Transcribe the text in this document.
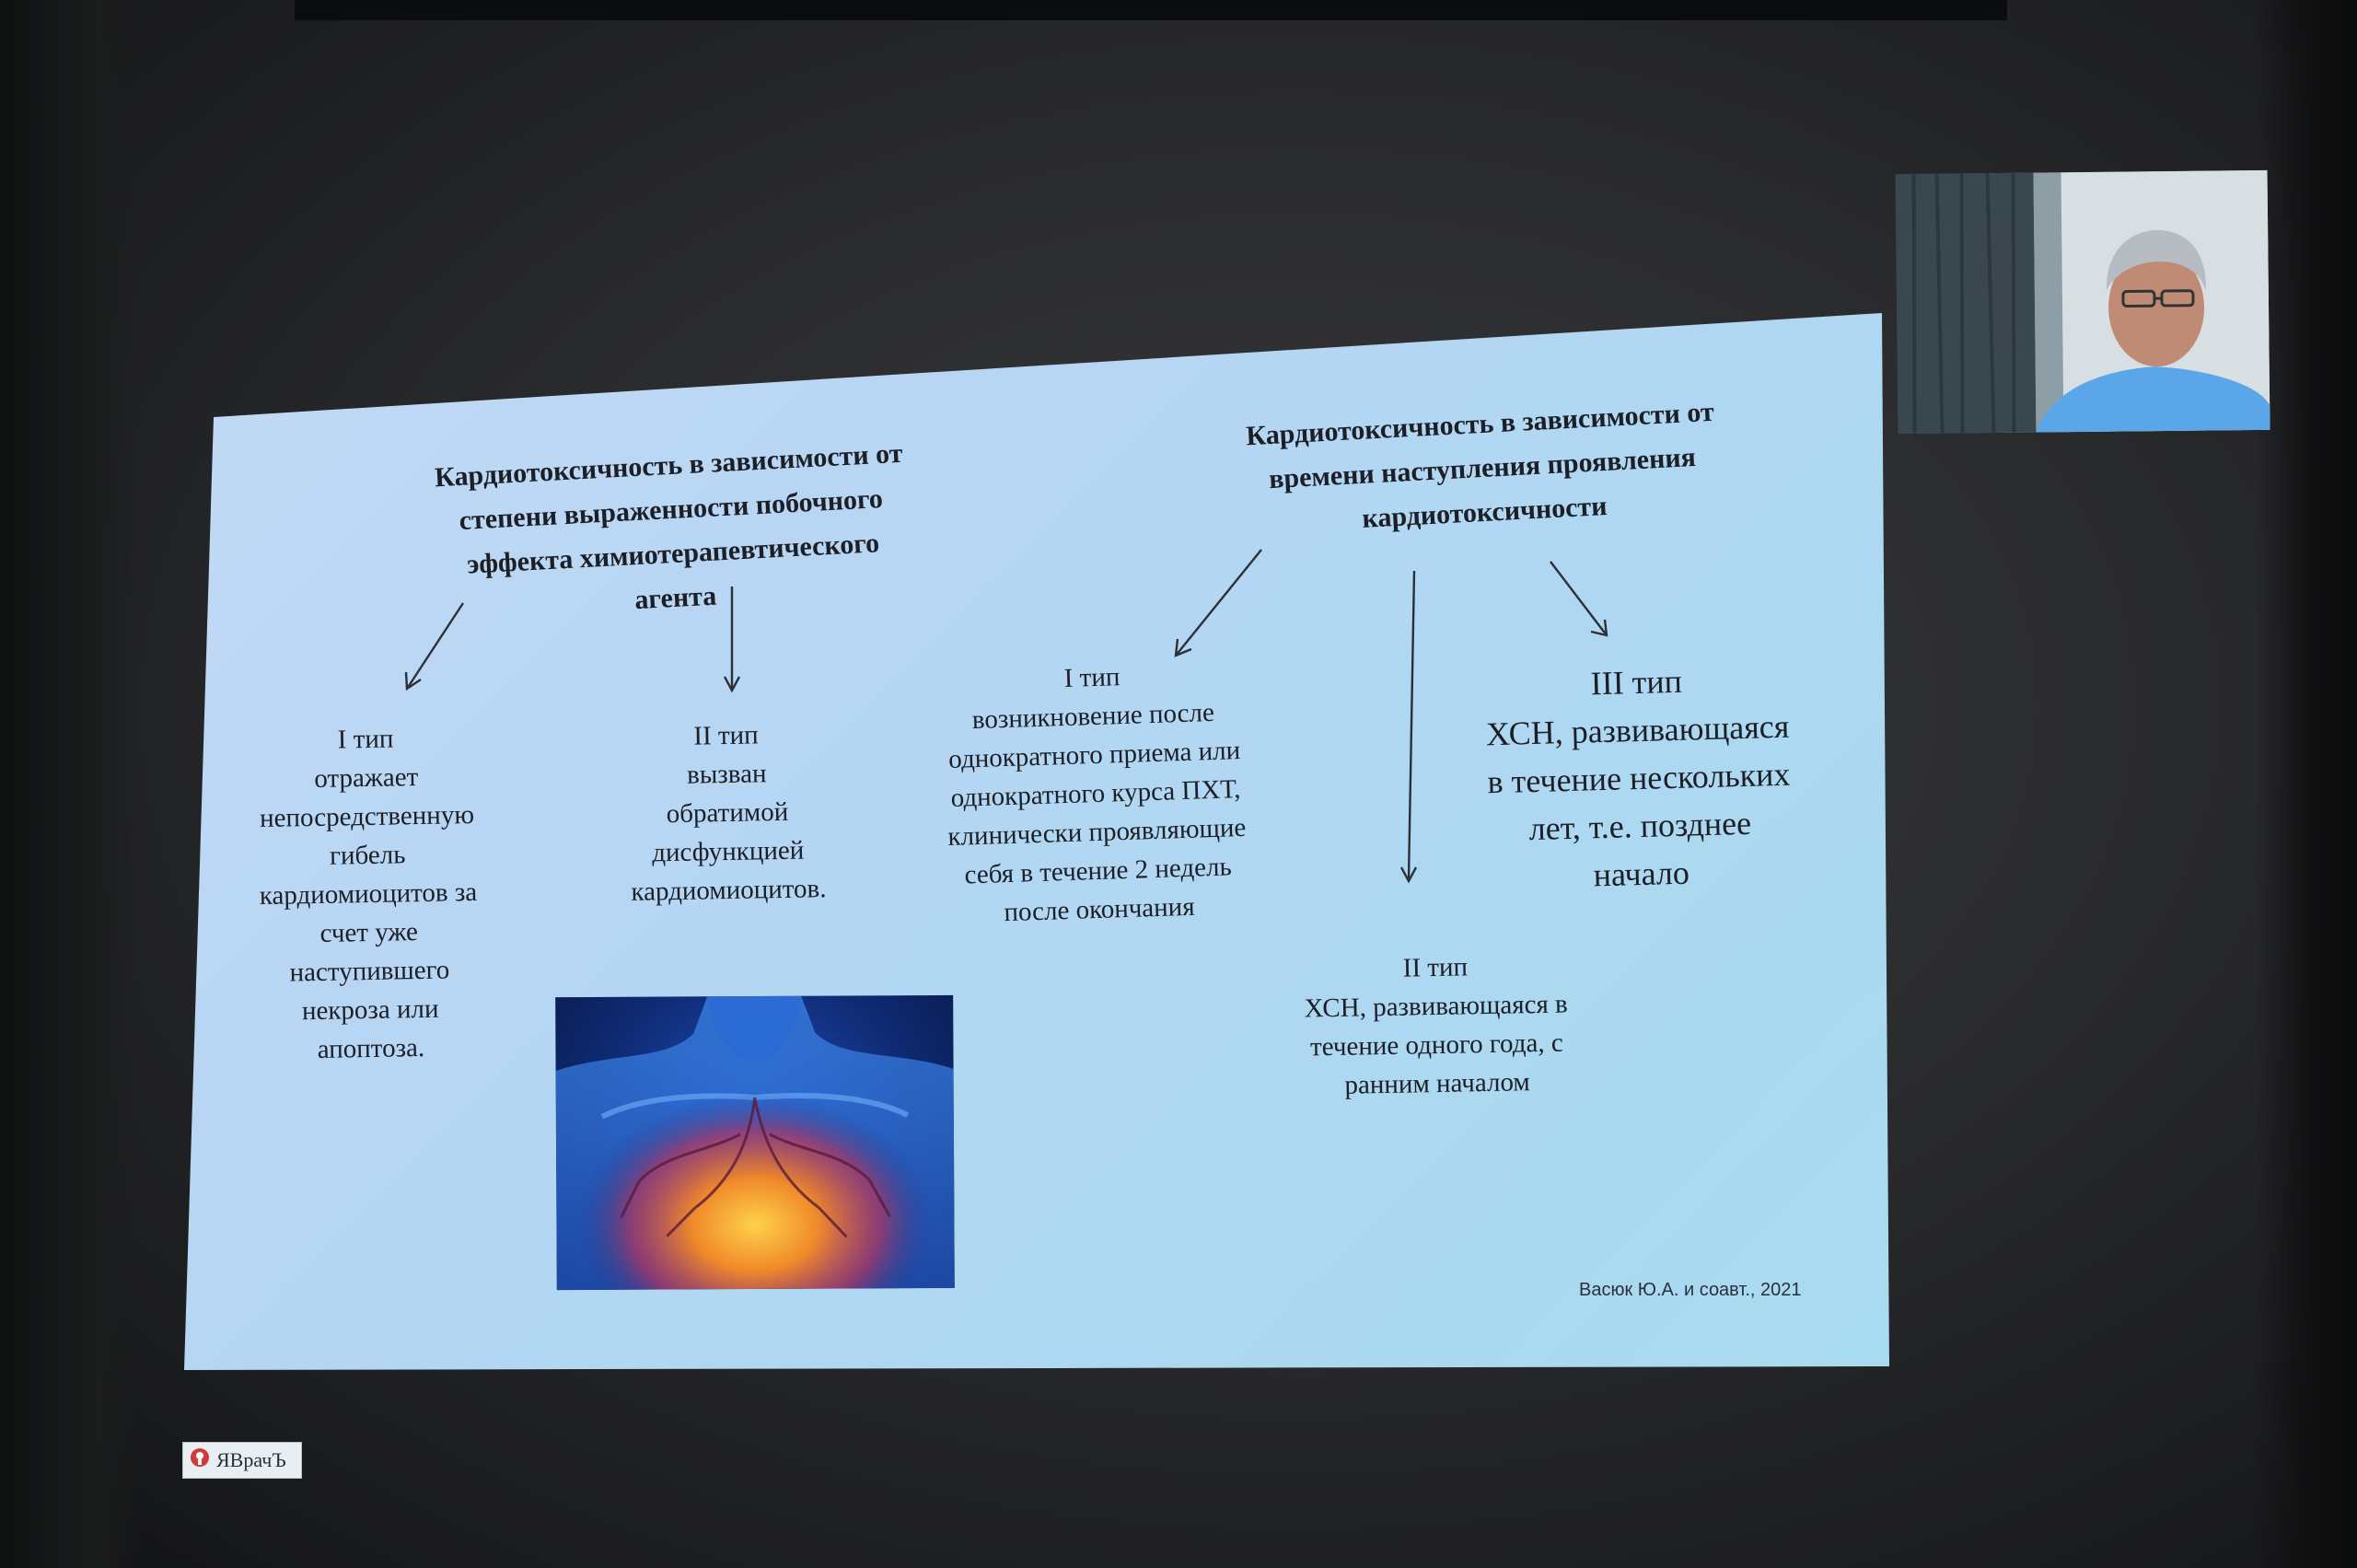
Кардиотоксичность в зависимости от
степени выраженности побочного
эффекта химиотерапевтического
агента
Кардиотоксичность в зависимости от
времени наступления проявления
кардиотоксичности
I тип
отражает
непосредственную
гибель
кардиомиоцитов за
счет уже
наступившего
некроза или
апоптоза.
II тип
вызван
обратимой
дисфункцией
кардиомиоцитов.
I тип
возникновение после
однократного приема или
однократного курса ПХТ,
клинически проявляющие
себя в течение 2 недель
после окончания
III тип
ХСН, развивающаяся
в течение нескольких
лет, т.е. позднее
начало
II тип
ХСН, развивающаяся в
течение одного года, с
ранним началом
Васюк Ю.А. и соавт., 2021
ЯВрачЪ
